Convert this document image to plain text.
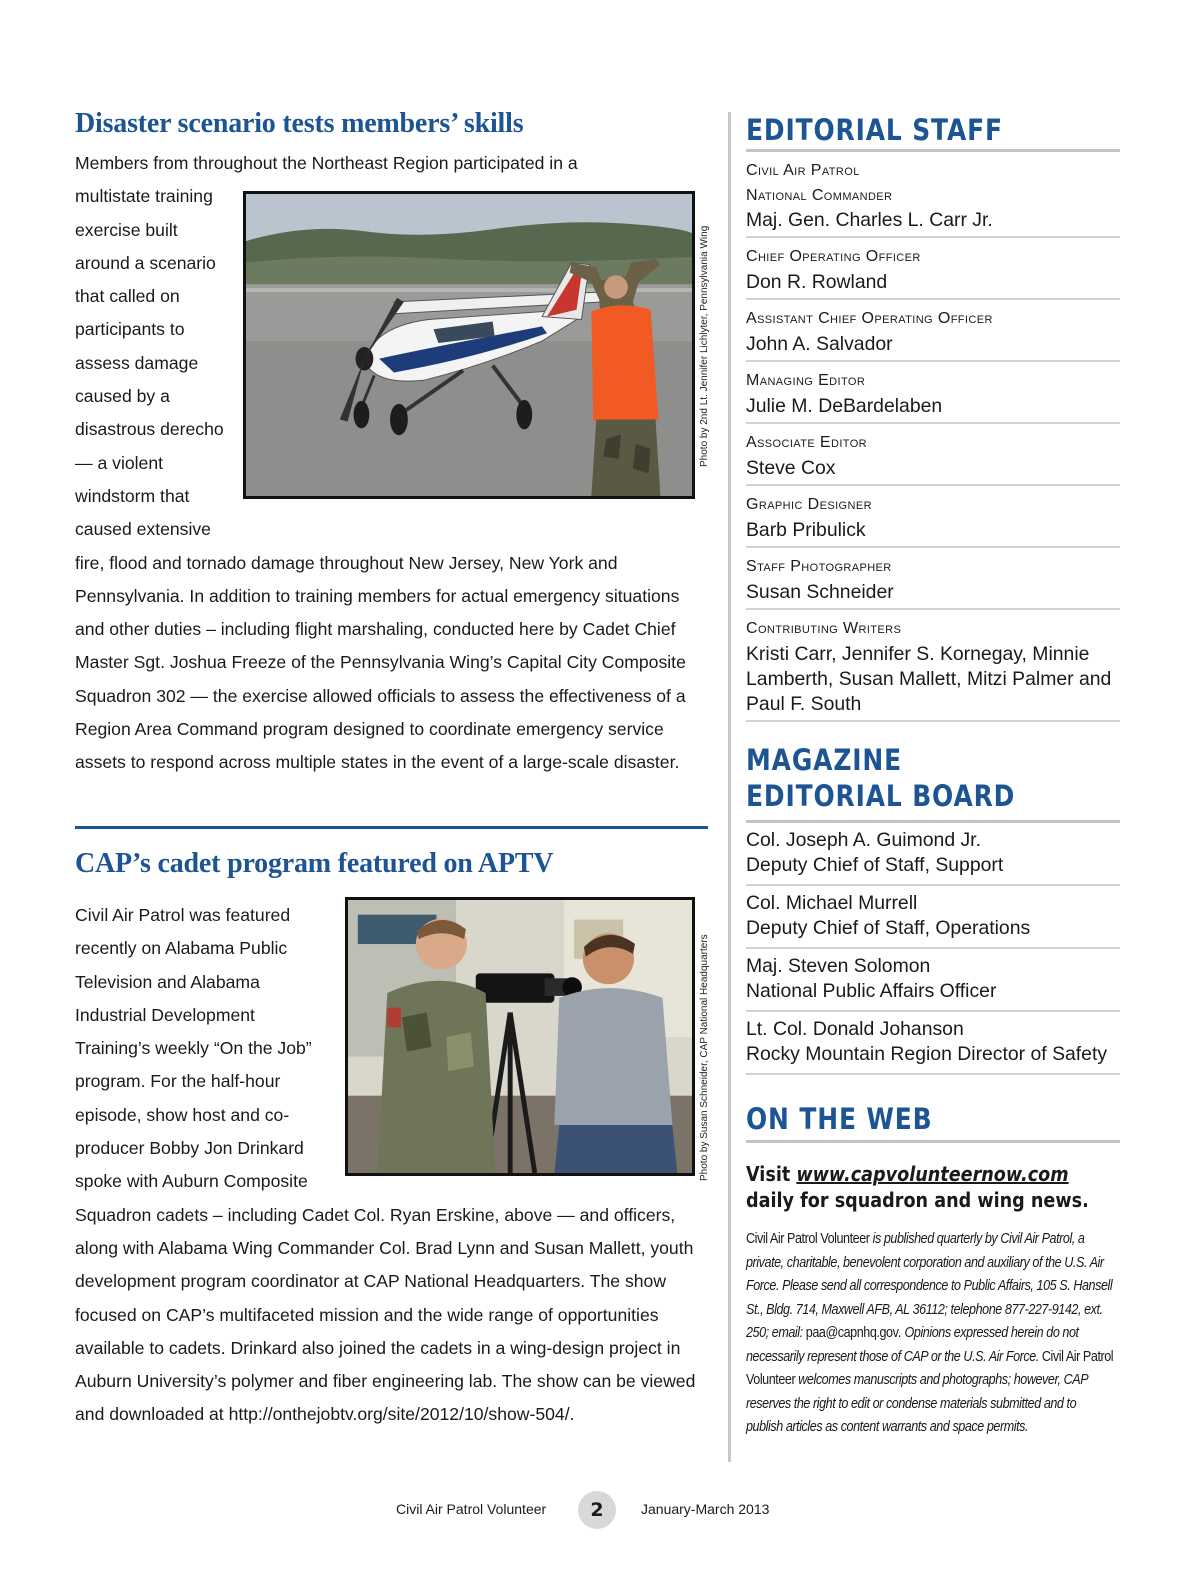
Disaster scenario tests members’ skills

Members from throughout the Northeast Region participated in a

multistate training exercise built around a scenario that called on participants to assess damage caused by a disastrous derecho — a violent windstorm that caused extensive fire, flood and tornado damage throughout New Jersey, New York and Pennsylvania. In addition to training members for actual emergency situations and other duties – including flight marshaling, conducted here by Cadet Chief Master Sgt. Joshua Freeze of the Pennsylvania Wing’s Capital City Composite Squadron 302 — the exercise allowed officials to assess the effectiveness of a Region Area Command program designed to coordinate emergency service assets to respond across multiple states in the event of a large-scale disaster.

CAP’s cadet program featured on APTV

Civil Air Patrol was featured recently on Alabama Public Television and Alabama Industrial Development Training’s weekly “On the Job” program. For the half-hour episode, show host and co-producer Bobby Jon Drinkard spoke with Auburn Composite Squadron cadets – including Cadet Col. Ryan Erskine, above — and officers, along with Alabama Wing Commander Col. Brad Lynn and Susan Mallett, youth development program coordinator at CAP National Headquarters. The show focused on CAP’s multifaceted mission and the wide range of opportunities available to cadets. Drinkard also joined the cadets in a wing-design project in Auburn University’s polymer and fiber engineering lab. The show can be viewed and downloaded at http://onthejobtv.org/site/2012/10/show-504/.

Photo by 2nd Lt. Jennifer Lichlyter, Pennsylvania Wing
Photo by Susan Schneider, CAP National Headquarters
EDITORIAL STAFF
Civil Air Patrol
National Commander
Maj. Gen. Charles L. Carr Jr.
Chief Operating Officer
Don R. Rowland
Assistant Chief Operating Officer
John A. Salvador
Managing Editor
Julie M. DeBardelaben
Associate Editor
Steve Cox
Graphic Designer
Barb Pribulick
Staff Photographer
Susan Schneider
Contributing Writers
Kristi Carr, Jennifer S. Kornegay, Minnie Lamberth, Susan Mallett, Mitzi Palmer and Paul F. South
MAGAZINE
EDITORIAL BOARD
Col. Joseph A. Guimond Jr.
Deputy Chief of Staff, Support
Col. Michael Murrell
Deputy Chief of Staff, Operations
Maj. Steven Solomon
National Public Affairs Officer
Lt. Col. Donald Johanson
Rocky Mountain Region Director of Safety
ON THE WEB
Visit www.capvolunteernow.com daily for squadron and wing news.
Civil Air Patrol Volunteer is published quarterly by Civil Air Patrol, a private, charitable, benevolent corporation and auxiliary of the U.S. Air Force. Please send all correspondence to Public Affairs, 105 S. Hansell St., Bldg. 714, Maxwell AFB, AL 36112; telephone 877-227-9142, ext. 250; email: paa@capnhq.gov. Opinions expressed herein do not necessarily represent those of CAP or the U.S. Air Force. Civil Air Patrol Volunteer welcomes manuscripts and photographs; however, CAP reserves the right to edit or condense materials submitted and to publish articles as content warrants and space permits.
Civil Air Patrol Volunteer	2	January-March 2013
